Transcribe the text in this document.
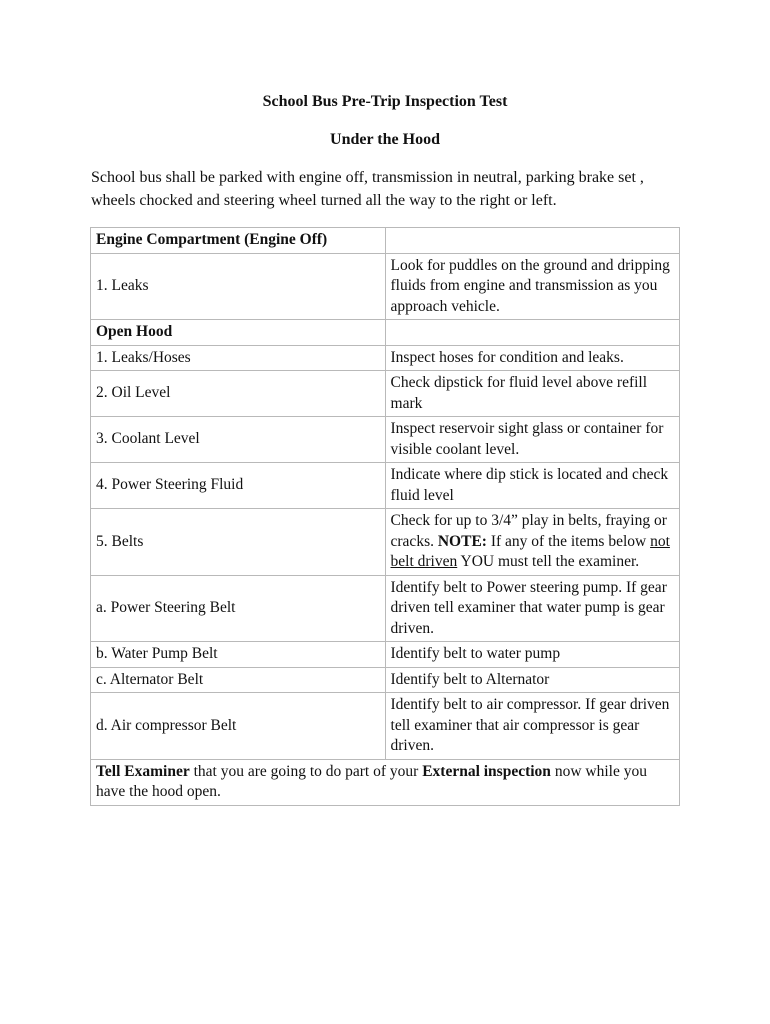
School Bus Pre-Trip Inspection Test
Under the Hood
School bus shall be parked with engine off, transmission in neutral, parking brake set , wheels chocked and steering wheel turned all the way to the right or left.
Engine Compartment (Engine Off)	
1. Leaks	Look for puddles on the ground and dripping fluids from engine and transmission as you approach vehicle.
Open Hood	
1. Leaks/Hoses	Inspect hoses for condition and leaks.
2. Oil Level	Check dipstick for fluid level above refill mark
3. Coolant Level	Inspect reservoir sight glass or container for visible coolant level.
4. Power Steering Fluid	Indicate where dip stick is located and check fluid level
5. Belts	Check for up to 3/4” play in belts, fraying or cracks. NOTE: If any of the items below not belt driven YOU must tell the examiner.
a. Power Steering Belt	Identify belt to Power steering pump. If gear driven tell examiner that water pump is gear driven.
b. Water Pump Belt	Identify belt to water pump
c. Alternator Belt	Identify belt to Alternator
d. Air compressor Belt	Identify belt to air compressor. If gear driven tell examiner that air compressor is gear driven.
Tell Examiner that you are going to do part of your External inspection now while you have the hood open.	
